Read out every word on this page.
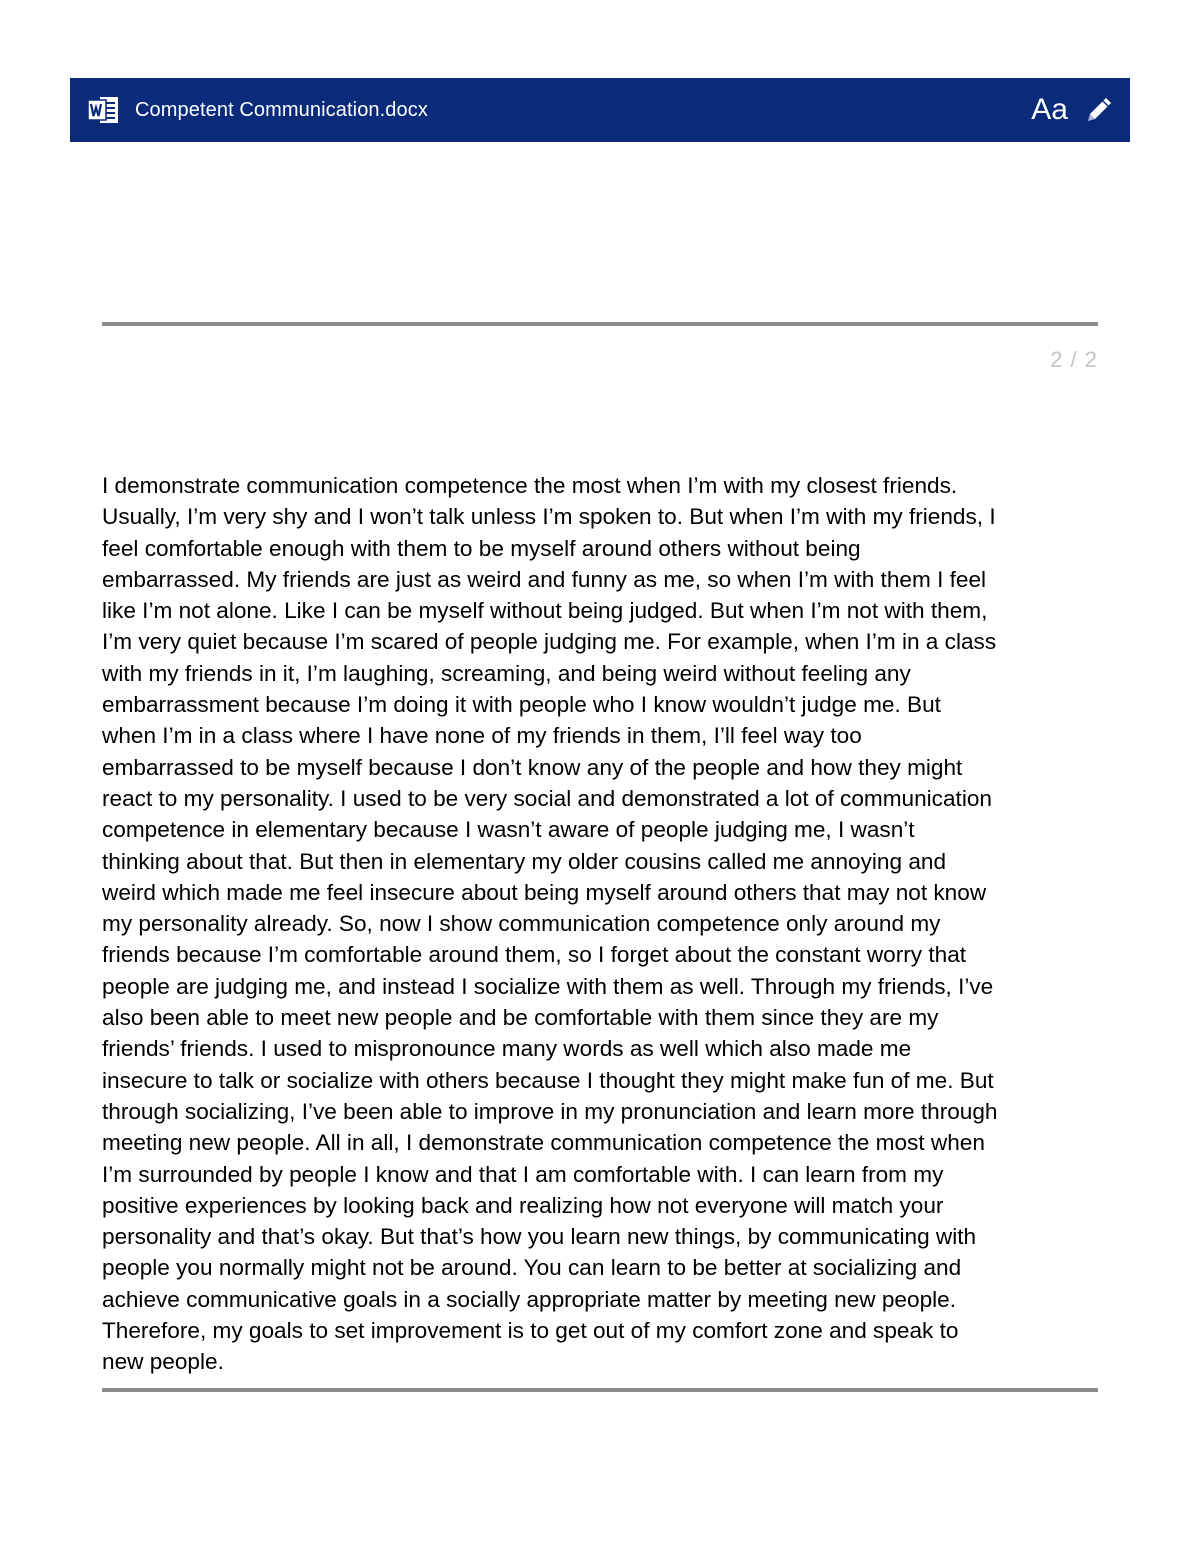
Competent Communication.docx	Aa
2 / 2

I demonstrate communication competence the most when I’m with my closest friends.
Usually, I’m very shy and I won’t talk unless I’m spoken to. But when I’m with my friends, I
feel comfortable enough with them to be myself around others without being
embarrassed. My friends are just as weird and funny as me, so when I’m with them I feel
like I’m not alone. Like I can be myself without being judged. But when I’m not with them,
I’m very quiet because I’m scared of people judging me. For example, when I’m in a class
with my friends in it, I’m laughing, screaming, and being weird without feeling any
embarrassment because I’m doing it with people who I know wouldn’t judge me. But
when I’m in a class where I have none of my friends in them, I’ll feel way too
embarrassed to be myself because I don’t know any of the people and how they might
react to my personality. I used to be very social and demonstrated a lot of communication
competence in elementary because I wasn’t aware of people judging me, I wasn’t
thinking about that. But then in elementary my older cousins called me annoying and
weird which made me feel insecure about being myself around others that may not know
my personality already. So, now I show communication competence only around my
friends because I’m comfortable around them, so I forget about the constant worry that
people are judging me, and instead I socialize with them as well. Through my friends, I’ve
also been able to meet new people and be comfortable with them since they are my
friends’ friends. I used to mispronounce many words as well which also made me
insecure to talk or socialize with others because I thought they might make fun of me. But
through socializing, I’ve been able to improve in my pronunciation and learn more through
meeting new people. All in all, I demonstrate communication competence the most when
I’m surrounded by people I know and that I am comfortable with. I can learn from my
positive experiences by looking back and realizing how not everyone will match your
personality and that’s okay. But that’s how you learn new things, by communicating with
people you normally might not be around. You can learn to be better at socializing and
achieve communicative goals in a socially appropriate matter by meeting new people.
Therefore, my goals to set improvement is to get out of my comfort zone and speak to
new people.
